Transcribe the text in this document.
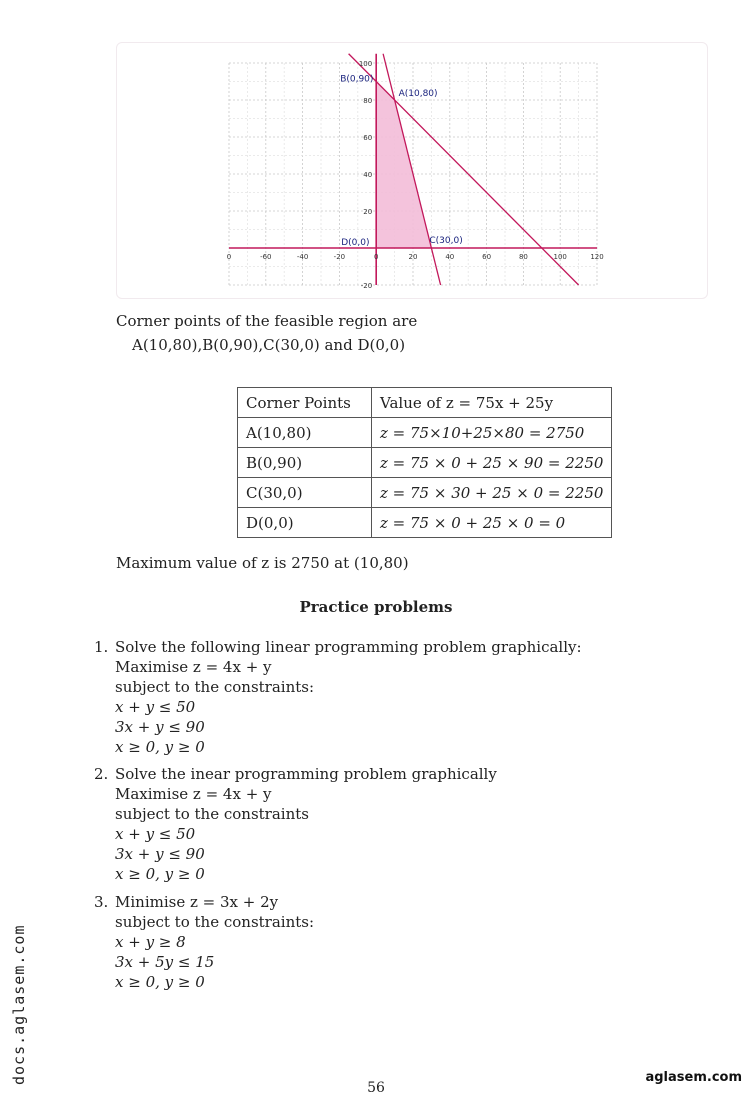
0	-60	-40	-20	0	20	40	60	80	100	120
100
80
60
40
20
-20
B(0,90)
A(10,80)
D(0,0)	C(30,0)
Corner points of the feasible region are
A(10,80),B(0,90),C(30,0) and D(0,0)
Corner Points	Value of z = 75x + 25y
A(10,80)	z = 75×10+25×80 = 2750
B(0,90)	z = 75 × 0 + 25 × 90 = 2250
C(30,0)	z = 75 × 30 + 25 × 0 = 2250
D(0,0)	z = 75 × 0 + 25 × 0 = 0
Maximum value of z is 2750 at (10,80)
Practice problems
1. Solve the following linear programming problem graphically:
Maximise z = 4x + y
subject to the constraints:
x + y ≤ 50
3x + y ≤ 90
x ≥ 0, y ≥ 0
2. Solve the inear programming problem graphically
Maximise z = 4x + y
subject to the constraints
x + y ≤ 50
3x + y ≤ 90
x ≥ 0, y ≥ 0
3. Minimise z = 3x + 2y
subject to the constraints:
x + y ≥ 8
3x + 5y ≤ 15
x ≥ 0, y ≥ 0
docs.aglasem.com	aglasem.com
56
